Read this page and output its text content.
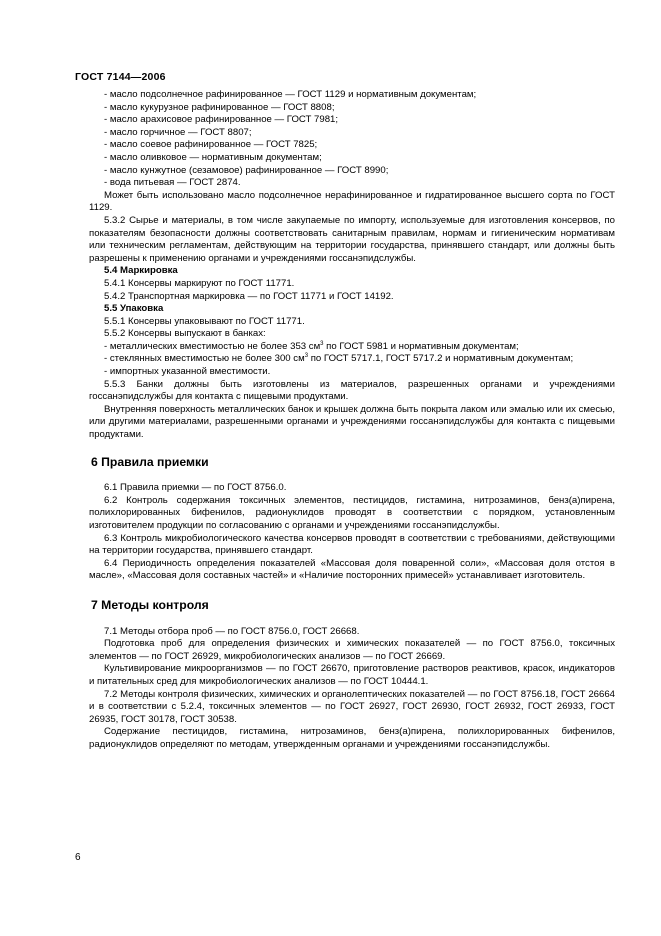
ГОСТ 7144—2006
- масло подсолнечное рафинированное — ГОСТ 1129 и нормативным документам;
- масло кукурузное рафинированное — ГОСТ 8808;
- масло арахисовое рафинированное — ГОСТ 7981;
- масло горчичное — ГОСТ 8807;
- масло соевое рафинированное — ГОСТ 7825;
- масло оливковое — нормативным документам;
- масло кунжутное (сезамовое) рафинированное — ГОСТ 8990;
- вода питьевая — ГОСТ 2874.

Может быть использовано масло подсолнечное нерафинированное и гидратированное высшего сорта по ГОСТ 1129.

5.3.2 Сырье и материалы, в том числе закупаемые по импорту, используемые для изготовления консервов, по показателям безопасности должны соответствовать санитарным правилам, нормам и гигиеническим нормативам или техническим регламентам, действующим на территории государства, принявшего стандарт, или должны быть разрешены к применению органами и учреждениями госсанэпидслужбы.

5.4 Маркировка
5.4.1 Консервы маркируют по ГОСТ 11771.
5.4.2 Транспортная маркировка — по ГОСТ 11771 и ГОСТ 14192.
5.5 Упаковка
5.5.1 Консервы упаковывают по ГОСТ 11771.
5.5.2 Консервы выпускают в банках:
- металлических вместимостью не более 353 $см^3$ по ГОСТ 5981 и нормативным документам;

- стеклянных вместимостью не более 300 $см^3$ по ГОСТ 5717.1, ГОСТ 5717.2 и нормативным документам;

- импортных указанной вместимости.

5.5.3 Банки должны быть изготовлены из материалов, разрешенных органами и учреждениями госсанэпидслужбы для контакта с пищевыми продуктами.

Внутренняя поверхность металлических банок и крышек должна быть покрыта лаком или эмалью или их смесью, или другими материалами, разрешенными органами и учреждениями госсанэпидслужбы для контакта с пищевыми продуктами.

6 Правила приемки

6.1 Правила приемки — по ГОСТ 8756.0.

6.2 Контроль содержания токсичных элементов, пестицидов, гистамина, нитрозаминов, бенз(а)пирена, полихлорированных бифенилов, радионуклидов проводят в соответствии с порядком, установленным изготовителем продукции по согласованию с органами и учреждениями госсанэпидслужбы.

6.3 Контроль микробиологического качества консервов проводят в соответствии с требованиями, действующими на территории государства, принявшего стандарт.

6.4 Периодичность определения показателей «Массовая доля поваренной соли», «Массовая доля отстоя в масле», «Массовая доля составных частей» и «Наличие посторонних примесей» устанавливает изготовитель.

7 Методы контроля

7.1 Методы отбора проб — по ГОСТ 8756.0, ГОСТ 26668.

Подготовка проб для определения физических и химических показателей — по ГОСТ 8756.0, токсичных элементов — по ГОСТ 26929, микробиологических анализов — по ГОСТ 26669.

Культивирование микроорганизмов — по ГОСТ 26670, приготовление растворов реактивов, красок, индикаторов и питательных сред для микробиологических анализов — по ГОСТ 10444.1.

7.2 Методы контроля физических, химических и органолептических показателей — по ГОСТ 8756.18, ГОСТ 26664 и в соответствии с 5.2.4, токсичных элементов — по ГОСТ 26927, ГОСТ 26930, ГОСТ 26932, ГОСТ 26933, ГОСТ 26935, ГОСТ 30178, ГОСТ 30538.

Содержание пестицидов, гистамина, нитрозаминов, бенз(а)пирена, полихлорированных бифенилов, радионуклидов определяют по методам, утвержденным органами и учреждениями госсанэпидслужбы.

6
